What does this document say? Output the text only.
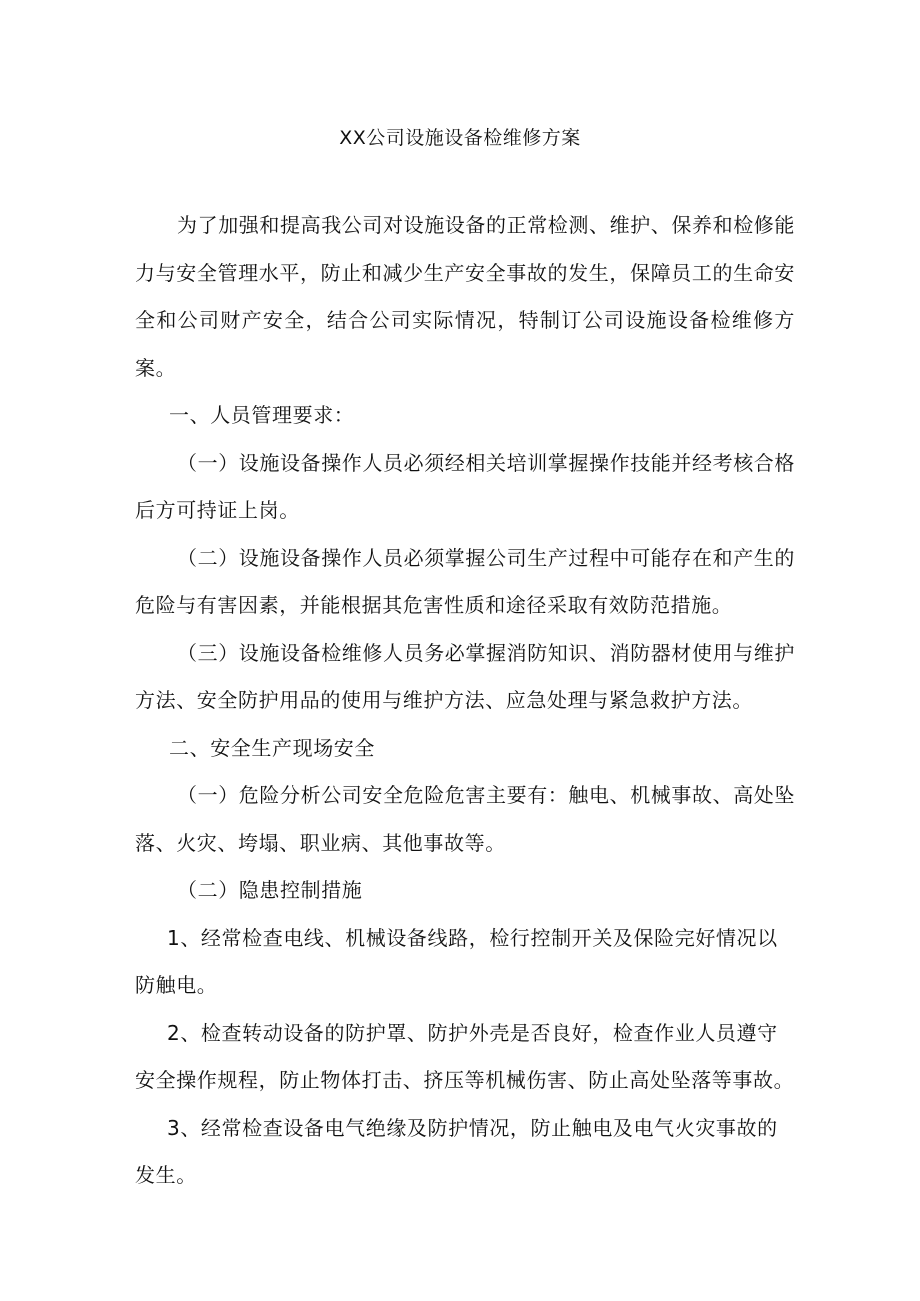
XX公司设施设备检维修方案

为了加强和提高我公司对设施设备的正常检测、维护、保养和检修能力与安全管理水平，防止和减少生产安全事故的发生，保障员工的生命安全和公司财产安全，结合公司实际情况，特制订公司设施设备检维修方案。

一、人员管理要求：

（一）设施设备操作人员必须经相关培训掌握操作技能并经考核合格后方可持证上岗。

（二）设施设备操作人员必须掌握公司生产过程中可能存在和产生的危险与有害因素，并能根据其危害性质和途径采取有效防范措施。

（三）设施设备检维修人员务必掌握消防知识、消防器材使用与维护方法、安全防护用品的使用与维护方法、应急处理与紧急救护方法。

二、安全生产现场安全

（一）危险分析公司安全危险危害主要有：触电、机械事故、高处坠落、火灾、垮塌、职业病、其他事故等。

（二）隐患控制措施

1、经常检查电线、机械设备线路，检行控制开关及保险完好情况以防触电。

2、检查转动设备的防护罩、防护外壳是否良好，检查作业人员遵守安全操作规程，防止物体打击、挤压等机械伤害、防止高处坠落等事故。

3、经常检查设备电气绝缘及防护情况，防止触电及电气火灾事故的发生。
